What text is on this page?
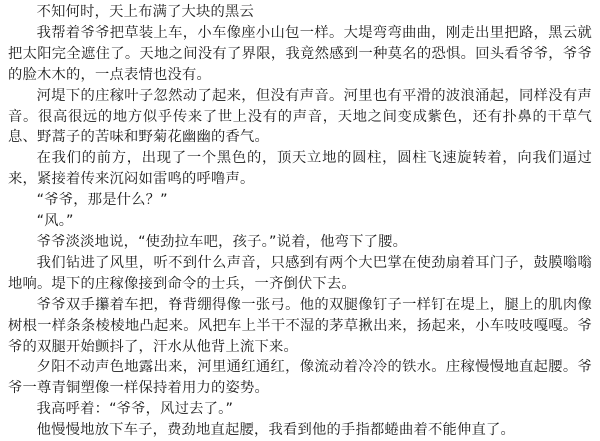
不知何时，天上布满了大块的黑云

我帮着爷爷把草装上车，小车像座小山包一样。大堤弯弯曲曲，刚走出里把路，黑云就把太阳完全遮住了。天地之间没有了界限，我竟然感到一种莫名的恐惧。回头看爷爷，爷爷的脸木木的，一点表情也没有。

河堤下的庄稼叶子忽然动了起来，但没有声音。河里也有平滑的波浪涌起，同样没有声音。很高很远的地方似乎传来了世上没有的声音，天地之间变成紫色，还有扑鼻的干草气息、野蒿子的苦味和野菊花幽幽的香气。

在我们的前方，出现了一个黑色的，顶天立地的圆柱，圆柱飞速旋转着，向我们逼过来，紧接着传来沉闷如雷鸣的呼噜声。

“爷爷，那是什么？”

“风。”

爷爷淡淡地说，“使劲拉车吧，孩子。”说着，他弯下了腰。

我们钻进了风里，听不到什么声音，只感到有两个大巴掌在使劲扇着耳门子，鼓膜嗡嗡地响。堤下的庄稼像接到命令的士兵，一齐倒伏下去。

爷爷双手攥着车把，脊背绷得像一张弓。他的双腿像钉子一样钉在堤上，腿上的肌肉像树根一样条条棱棱地凸起来。风把车上半干不湿的茅草揪出来，扬起来，小车吱吱嘎嘎。爷爷的双腿开始颤抖了，汗水从他背上流下来。

夕阳不动声色地露出来，河里通红通红，像流动着冷冷的铁水。庄稼慢慢地直起腰。爷爷一尊青铜塑像一样保持着用力的姿势。

我高呼着：“爷爷，风过去了。”

他慢慢地放下车子，费劲地直起腰，我看到他的手指都蜷曲着不能伸直了。
